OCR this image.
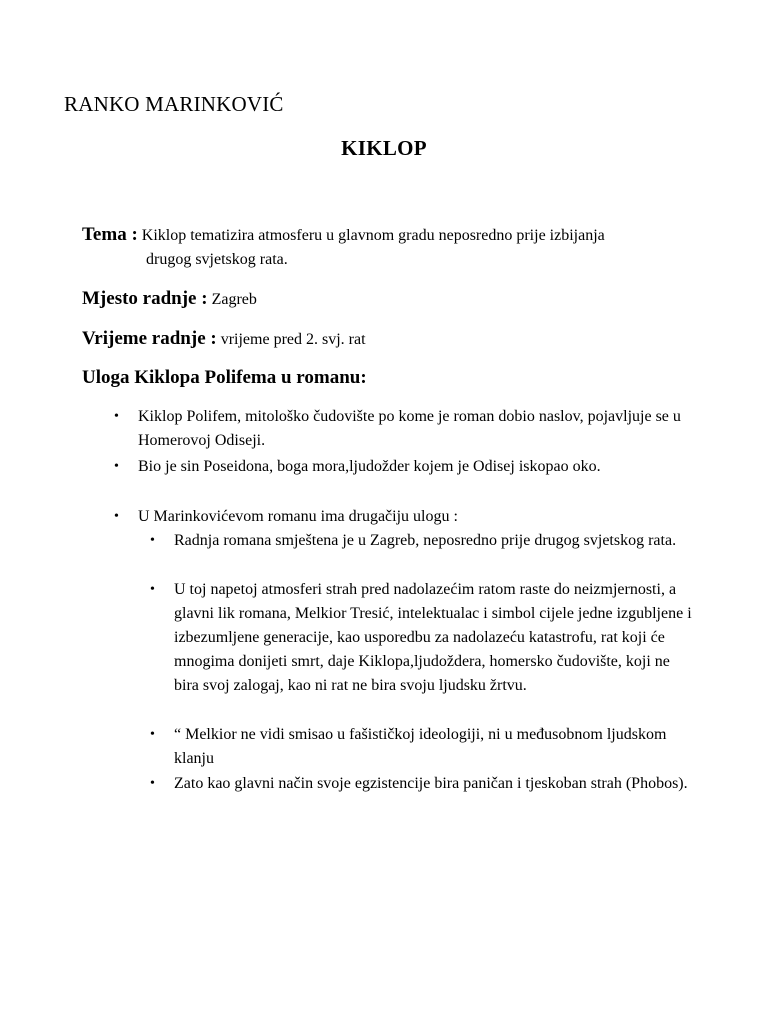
RANKO MARINKOVIĆ
KIKLOP
Tema : Kiklop tematizira atmosferu u glavnom gradu neposredno prije izbijanja
drugog svjetskog rata.
Mjesto radnje : Zagreb
Vrijeme radnje : vrijeme pred 2. svj. rat
Uloga Kiklopa Polifema u romanu:
• Kiklop Polifem, mitološko čudovište po kome je roman dobio naslov, pojavljuje se u Homerovoj Odiseji.
• Bio je sin Poseidona, boga mora,ljudožder kojem je Odisej iskopao oko.
• U Marinkovićevom romanu ima drugačiju ulogu :
• Radnja romana smještena je u Zagreb, neposredno prije drugog svjetskog rata.
• U toj napetoj atmosferi strah pred nadolazećim ratom raste do neizmjernosti, a glavni lik romana, Melkior Tresić, intelektualac i simbol cijele jedne izgubljene i izbezumljene generacije, kao usporedbu za nadolazeću katastrofu, rat koji će mnogima donijeti smrt, daje Kiklopa,ljudoždera, homersko čudovište, koji ne bira svoj zalogaj, kao ni rat ne bira svoju ljudsku žrtvu.
• “ Melkior ne vidi smisao u fašističkoj ideologiji, ni u međusobnom ljudskom klanju
• Zato kao glavni način svoje egzistencije bira paničan i tjeskoban strah (Phobos).
